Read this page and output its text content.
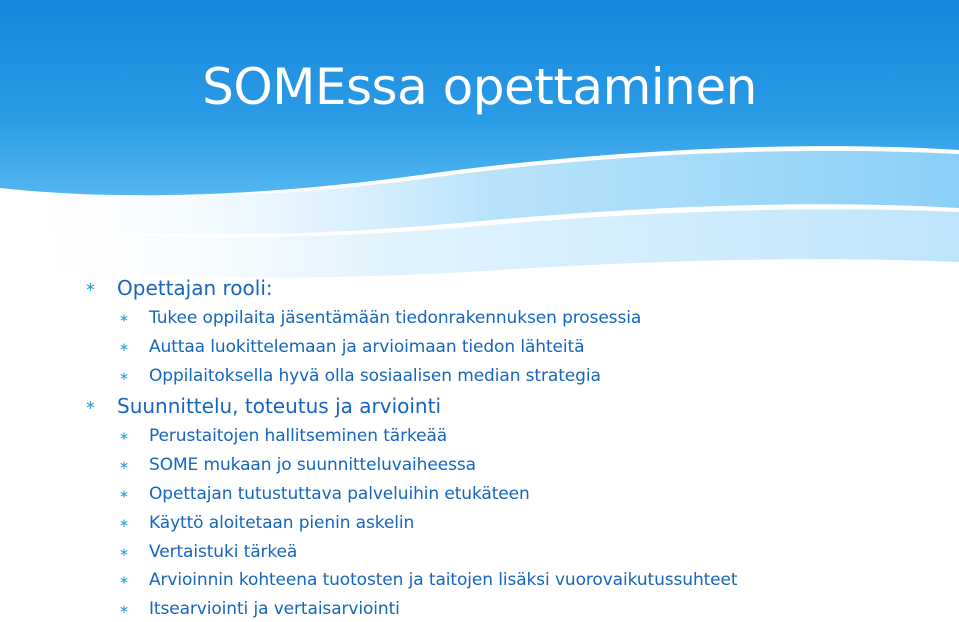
SOMEssa opettaminen
∗ Opettajan rooli:
∗ Tukee oppilaita jäsentämään tiedonrakennuksen prosessia
∗ Auttaa luokittelemaan ja arvioimaan tiedon lähteitä
∗ Oppilaitoksella hyvä olla sosiaalisen median strategia
∗ Suunnittelu, toteutus ja arviointi
∗ Perustaitojen hallitseminen tärkeää
∗ SOME mukaan jo suunnitteluvaiheessa
∗ Opettajan tutustuttava palveluihin etukäteen
∗ Käyttö aloitetaan pienin askelin
∗ Vertaistuki tärkeä
∗ Arvioinnin kohteena tuotosten ja taitojen lisäksi vuorovaikutussuhteet
∗ Itsearviointi ja vertaisarviointi
